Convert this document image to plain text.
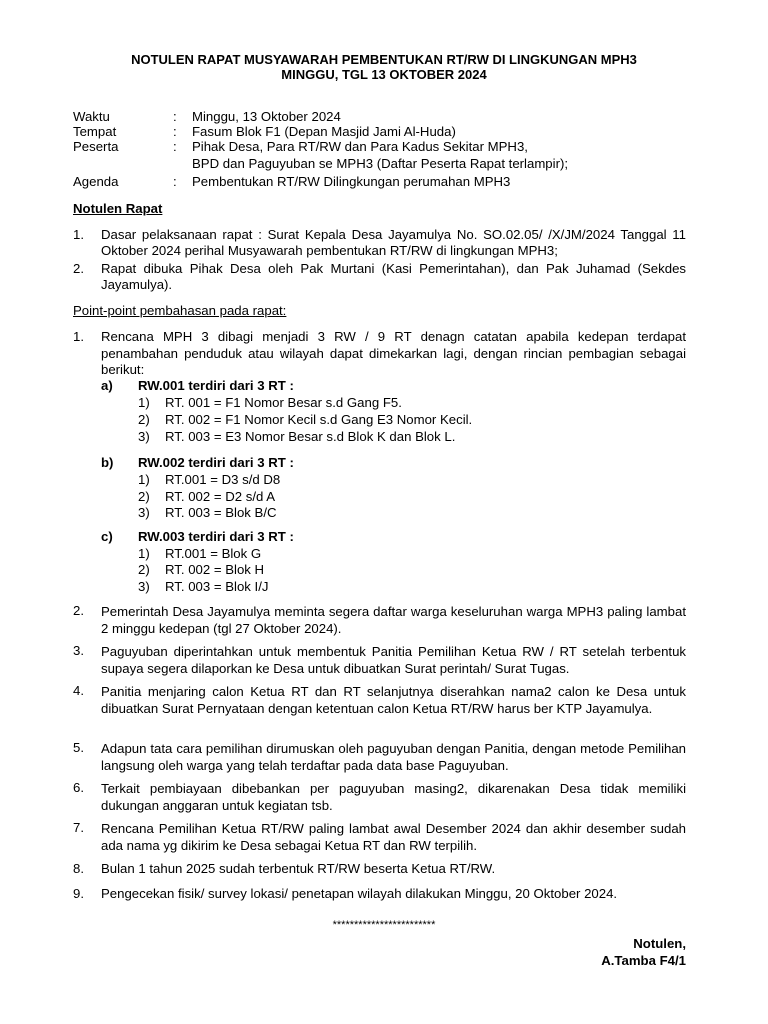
NOTULEN RAPAT MUSYAWARAH PEMBENTUKAN RT/RW DI LINGKUNGAN MPH3
MINGGU, TGL 13 OKTOBER 2024
Waktu	: Minggu, 13 Oktober 2024
Tempat	: Fasum Blok F1 (Depan Masjid Jami Al-Huda)
Peserta	: Pihak Desa, Para RT/RW dan Para Kadus Sekitar MPH3,
BPD dan Paguyuban se MPH3 (Daftar Peserta Rapat terlampir);
Agenda	: Pembentukan RT/RW Dilingkungan perumahan MPH3
Notulen Rapat
1. Dasar pelaksanaan rapat : Surat Kepala Desa Jayamulya No. SO.02.05/ /X/JM/2024 Tanggal 11 Oktober 2024 perihal Musyawarah pembentukan RT/RW di lingkungan MPH3;
2. Rapat dibuka Pihak Desa oleh Pak Murtani (Kasi Pemerintahan), dan Pak Juhamad (Sekdes Jayamulya).
Point-point pembahasan pada rapat:
1. Rencana MPH 3 dibagi menjadi 3 RW / 9 RT denagn catatan apabila kedepan terdapat penambahan penduduk atau wilayah dapat dimekarkan lagi, dengan rincian pembagian sebagai berikut:
a) RW.001 terdiri dari 3 RT :
1) RT. 001 = F1 Nomor Besar s.d Gang F5.
2) RT. 002 = F1 Nomor Kecil s.d Gang E3 Nomor Kecil.
3) RT. 003 = E3 Nomor Besar s.d Blok K dan Blok L.
b) RW.002 terdiri dari 3 RT :
1) RT.001 = D3 s/d D8
2) RT. 002 = D2 s/d A
3) RT. 003 = Blok B/C
c) RW.003 terdiri dari 3 RT :
1) RT.001 = Blok G
2) RT. 002 = Blok H
3) RT. 003 = Blok I/J
2. Pemerintah Desa Jayamulya meminta segera daftar warga keseluruhan warga MPH3 paling lambat 2 minggu kedepan (tgl 27 Oktober 2024).
3. Paguyuban diperintahkan untuk membentuk Panitia Pemilihan Ketua RW / RT setelah terbentuk supaya segera dilaporkan ke Desa untuk dibuatkan Surat perintah/ Surat Tugas.
4. Panitia menjaring calon Ketua RT dan RT selanjutnya diserahkan nama2 calon ke Desa untuk dibuatkan Surat Pernyataan dengan ketentuan calon Ketua RT/RW harus ber KTP Jayamulya.
5. Adapun tata cara pemilihan dirumuskan oleh paguyuban dengan Panitia, dengan metode Pemilihan langsung oleh warga yang telah terdaftar pada data base Paguyuban.
6. Terkait pembiayaan dibebankan per paguyuban masing2, dikarenakan Desa tidak memiliki dukungan anggaran untuk kegiatan tsb.
7. Rencana Pemilihan Ketua RT/RW paling lambat awal Desember 2024 dan akhir desember sudah ada nama yg dikirim ke Desa sebagai Ketua RT dan RW terpilih.
8. Bulan 1 tahun 2025 sudah terbentuk RT/RW beserta Ketua RT/RW.
9. Pengecekan fisik/ survey lokasi/ penetapan wilayah dilakukan Minggu, 20 Oktober 2024.
************************
Notulen,
A.Tamba F4/1
